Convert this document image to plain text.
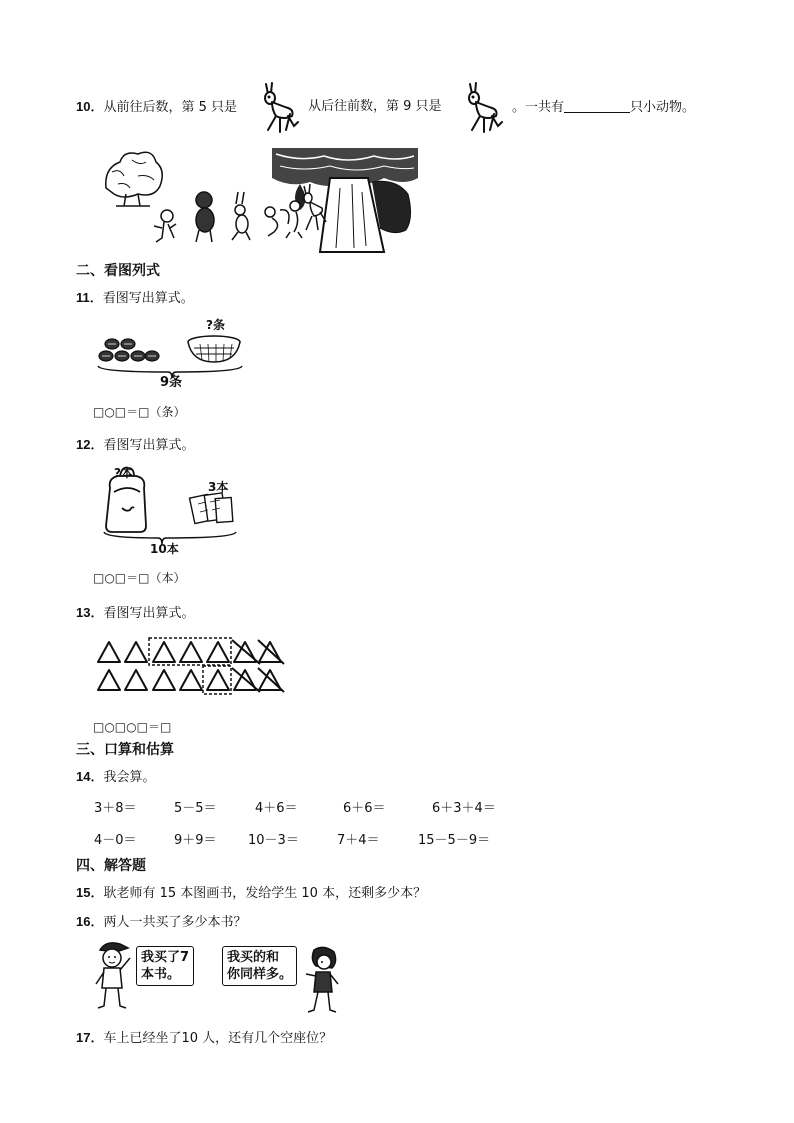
10．从前往后数，第 5 只是	从后往前数，第 9 只是	。一共有	只小动物。
二、看图列式
11．看图写出算式。
?条
9条
□○□＝□（条）
12．看图写出算式。
?本
3本
10本
□○□＝□（本）
13．看图写出算式。
□○□○□＝□
三、口算和估算
14．我会算。
3＋8＝	5－5＝	4＋6＝	6＋6＝	6＋3＋4＝
4－0＝	9＋9＝ 10－3＝	7＋4＝	15－5－9＝
四、解答题
15．耿老师有 15 本图画书，发给学生 10 本，还剩多少本？
16．两人一共买了多少本书？
我买了7
本书。
我买的和
你同样多。
17．车上已经坐了10 人，还有几个空座位？
